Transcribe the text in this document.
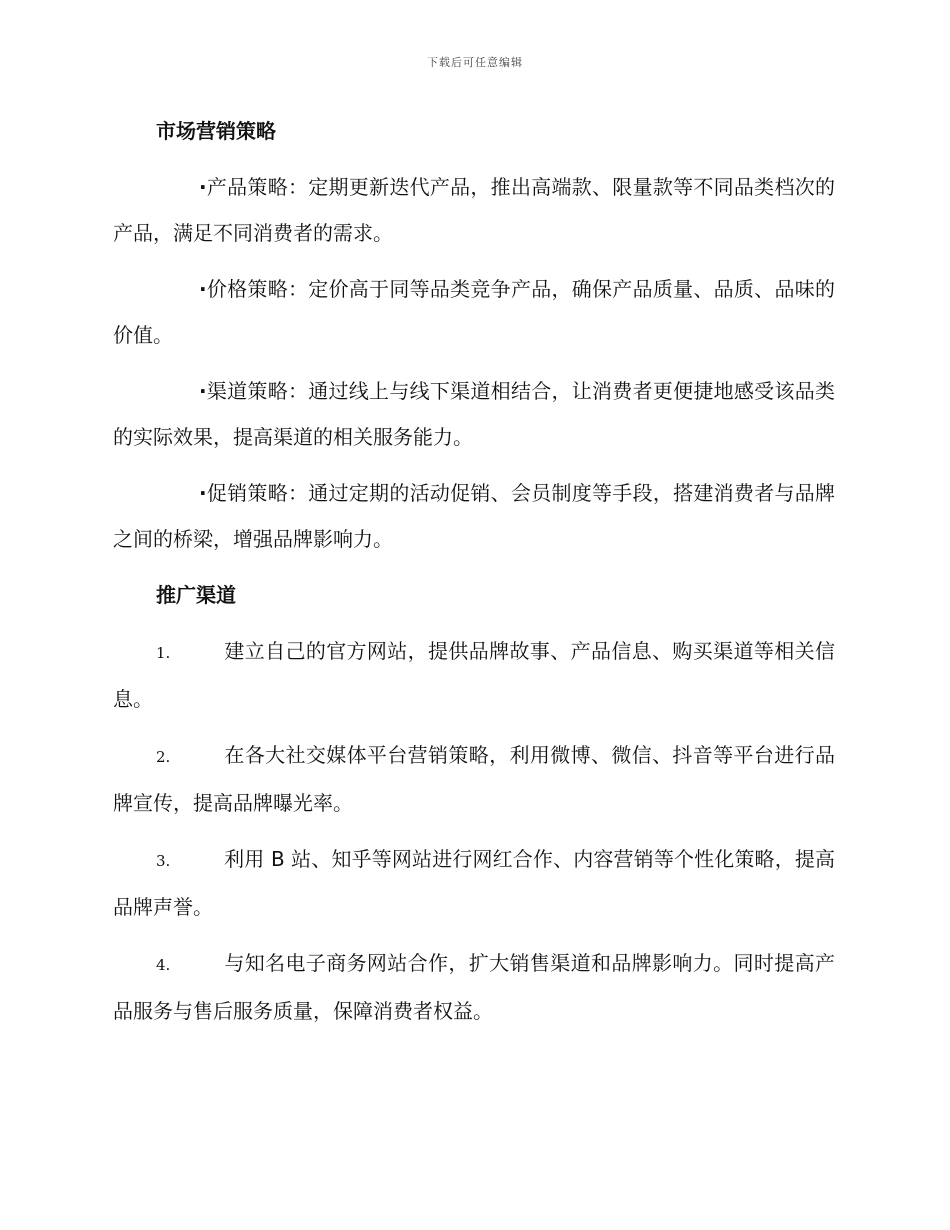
下载后可任意编辑
市场营销策略

·产品策略：定期更新迭代产品，推出高端款、限量款等不同品类档次的产品，满足不同消费者的需求。

·价格策略：定价高于同等品类竞争产品，确保产品质量、品质、品味的价值。

·渠道策略：通过线上与线下渠道相结合，让消费者更便捷地感受该品类的实际效果，提高渠道的相关服务能力。

·促销策略：通过定期的活动促销、会员制度等手段，搭建消费者与品牌之间的桥梁，增强品牌影响力。

推广渠道

1.	建立自己的官方网站，提供品牌故事、产品信息、购买渠道等相关信息。

2.	在各大社交媒体平台营销策略，利用微博、微信、抖音等平台进行品牌宣传，提高品牌曝光率。

3.	利用 B 站、知乎等网站进行网红合作、内容营销等个性化策略，提高品牌声誉。

4.	与知名电子商务网站合作，扩大销售渠道和品牌影响力。同时提高产品服务与售后服务质量，保障消费者权益。
